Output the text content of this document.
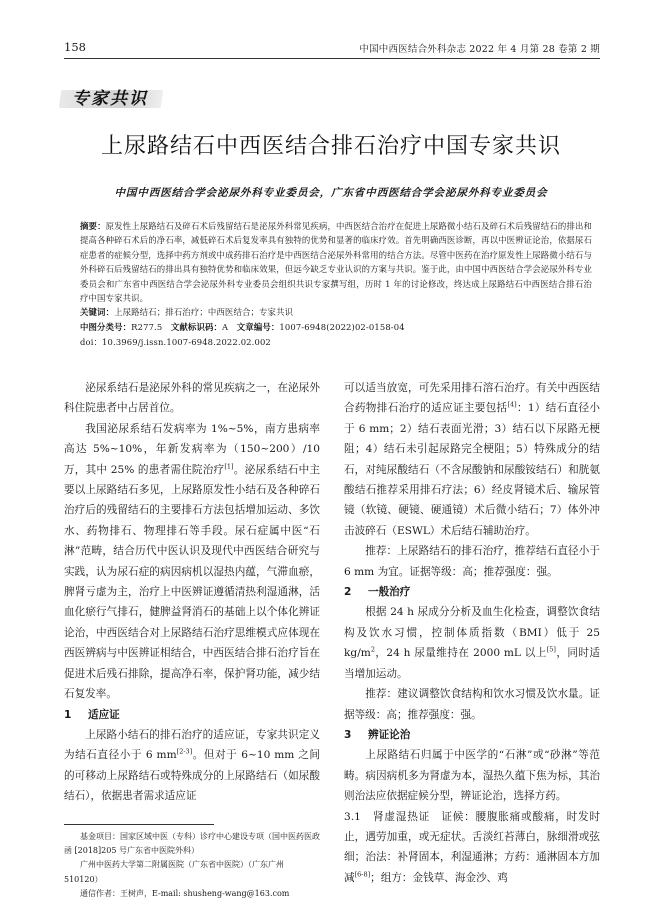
158	中国中西医结合外科杂志 2022 年 4 月第 28 卷第 2 期
专家共识
上尿路结石中西医结合排石治疗中国专家共识
中国中西医结合学会泌尿外科专业委员会，广东省中西医结合学会泌尿外科专业委员会

摘要：原发性上尿路结石及碎石术后残留结石是泌尿外科常见疾病，中西医结合治疗在促进上尿路微小结石及碎石术后残留结石的排出和提高各种碎石术后的净石率，减低碎石术后复发率具有独特的优势和显著的临床疗效。首先明确西医诊断，再以中医辨证论治，依据尿石症患者的症候分型，选择中药方剂或中成药排石治疗是中西医结合泌尿外科常用的结合方法。尽管中医药在治疗原发性上尿路微小结石与外科碎石后残留结石的排出具有独特优势和临床效果，但远今缺乏专业认识的方案与共识。鉴于此，由中国中西医结合学会泌尿外科专业委员会和广东省中西医结合学会泌尿外科专业委员会组织共识专家撰写组，历时 1 年的讨论修改，终达成上尿路结石中西医结合排石治疗中国专家共识。

关键词：上尿路结石；排石治疗；中西医结合；专家共识

中图分类号：R277.5  文献标识码：A  文章编号：1007-6948(2022)02-0158-04

doi：10.3969/j.issn.1007-6948.2022.02.002

泌尿系结石是泌尿外科的常见疾病之一，在泌尿外科住院患者中占居首位。

我国泌尿系结石发病率为 1%~5%，南方患病率高达 5%~10%，年新发病率为（150~200）/10 万，其中 25% 的患者需住院治疗[1]。泌尿系结石中主要以上尿路结石多见，上尿路原发性小结石及各种碎石治疗后的残留结石的主要排石方法包括增加运动、多饮水、药物排石、物理排石等手段。尿石症属中医“石淋”范畴，结合历代中医认识及现代中西医结合研究与实践，认为尿石症的病因病机以湿热内蕴，气滞血瘀，脾肾亏虚为主，治疗上中医辨证遵循清热利湿通淋，活血化瘀行气排石，健脾益肾消石的基础上以个体化辨证论治，中西医结合对上尿路结石治疗思维模式应体现在西医辨病与中医辨证相结合，中西医结合排石治疗旨在促进术后残石排除，提高净石率，保护肾功能，减少结石复发率。

1 适应证

上尿路小结石的排石治疗的适应证，专家共识定义为结石直径小于 6 mm[2-3]。但对于 6~10 mm 之间的可移动上尿路结石或特殊成分的上尿路结石（如尿酸结石），依据患者需求适应证

可以适当放宽，可先采用排石溶石治疗。有关中西医结合药物排石治疗的适应证主要包括[4]：1）结石直径小于 6 mm；2）结石表面光滑；3）结石以下尿路无梗阻；4）结石未引起尿路完全梗阻；5）特殊成分的结石，对纯尿酸结石（不含尿酸钠和尿酸铵结石）和胱氨酸结石推荐采用排石疗法；6）经皮肾镜术后、输尿管镜（软镜、硬镜、硬通镜）术后微小结石；7）体外冲击波碎石（ESWL）术后结石辅助治疗。

推荐：上尿路结石的排石治疗，推荐结石直径小于 6 mm 为宜。证据等级：高；推荐强度：强。

2 一般治疗

根据 24 h 尿成分分析及血生化检查，调整饮食结构及饮水习惯，控制体质指数（BMI）低于 25 $kg/m^2$，24 h 尿量维持在 2000 mL 以上[5]，同时适当增加运动。

推荐：建议调整饮食结构和饮水习惯及饮水量。证据等级：高；推荐强度：强。

3 辨证论治

上尿路结石归属于中医学的“石淋”或“砂淋”等范畴。病因病机多为肾虚为本，湿热久蕴下焦为标，其治则治法应依据症候分型，辨证论治，选择方药。

3.1　肾虚湿热证　证候：腰腹胀痛或酸痛，时发时止，遇劳加重，或无症状。舌淡红苔薄白，脉细滑或弦细；治法：补肾固本，利湿通淋；方药：通淋固本方加减[6-8]；组方：金钱草、海金沙、鸡

基金项目：国家区域中医（专科）诊疗中心建设专项（国中医药医政函 [2018]205 号广东省中医院外科）

广州中医药大学第二附属医院（广东省中医院）（广东广州 510120）

通信作者：王树声，E-mail: shusheng-wang@163.com
